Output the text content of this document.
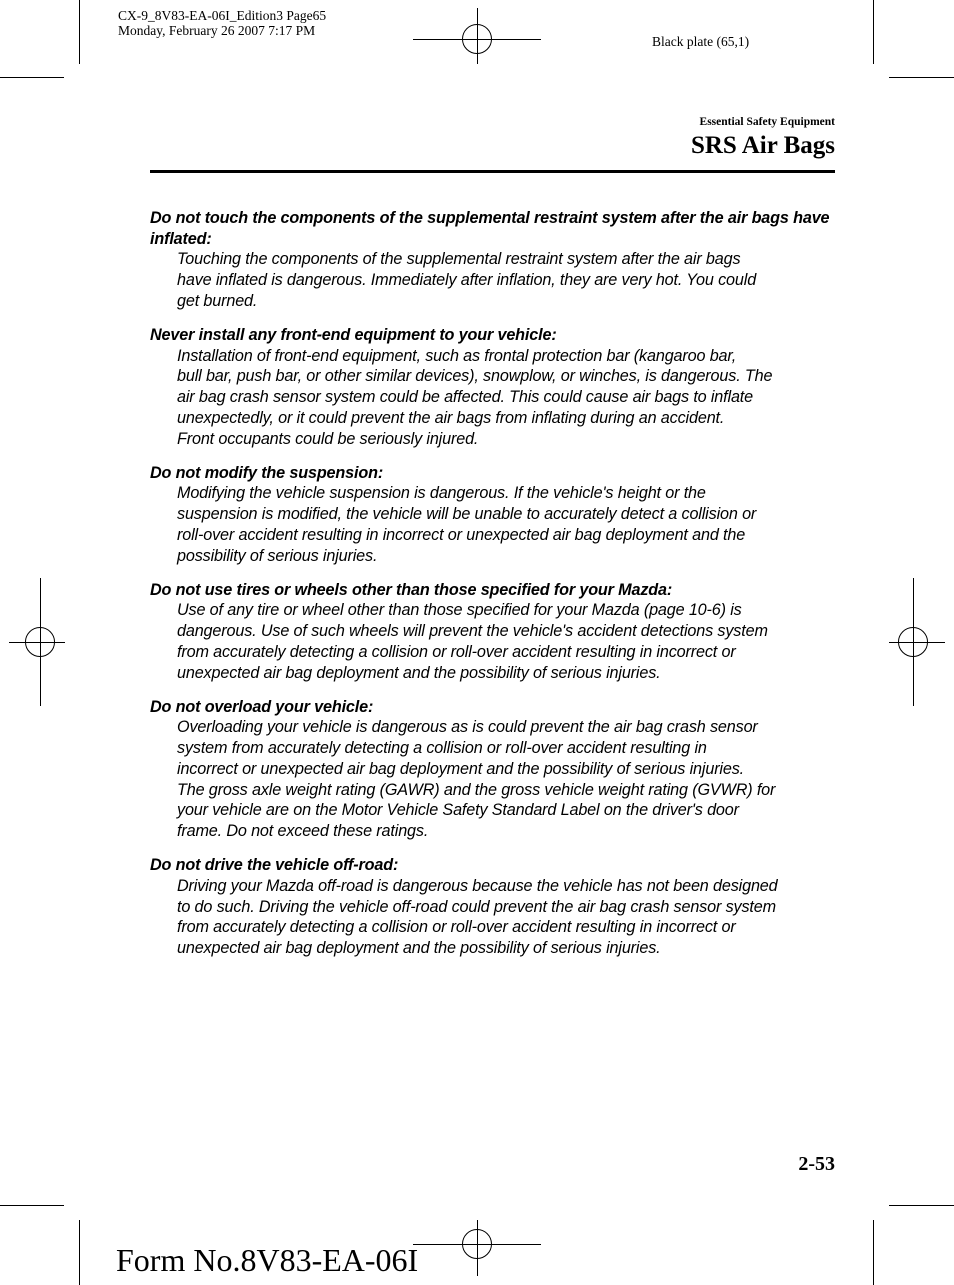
CX-9_8V83-EA-06I_Edition3 Page65
Monday, February 26 2007 7:17 PM
Black plate (65,1)
Essential Safety Equipment
SRS Air Bags

Do not touch the components of the supplemental restraint system after the air bags have inflated:

Touching the components of the supplemental restraint system after the air bags
have inflated is dangerous. Immediately after inflation, they are very hot. You could
get burned.

Never install any front-end equipment to your vehicle:

Installation of front-end equipment, such as frontal protection bar (kangaroo bar,
bull bar, push bar, or other similar devices), snowplow, or winches, is dangerous. The
air bag crash sensor system could be affected. This could cause air bags to inflate
unexpectedly, or it could prevent the air bags from inflating during an accident.
Front occupants could be seriously injured.

Do not modify the suspension:

Modifying the vehicle suspension is dangerous. If the vehicle's height or the
suspension is modified, the vehicle will be unable to accurately detect a collision or
roll-over accident resulting in incorrect or unexpected air bag deployment and the
possibility of serious injuries.

Do not use tires or wheels other than those specified for your Mazda:

Use of any tire or wheel other than those specified for your Mazda (page 10-6) is
dangerous. Use of such wheels will prevent the vehicle's accident detections system
from accurately detecting a collision or roll-over accident resulting in incorrect or
unexpected air bag deployment and the possibility of serious injuries.

Do not overload your vehicle:

Overloading your vehicle is dangerous as is could prevent the air bag crash sensor
system from accurately detecting a collision or roll-over accident resulting in
incorrect or unexpected air bag deployment and the possibility of serious injuries.
The gross axle weight rating (GAWR) and the gross vehicle weight rating (GVWR) for
your vehicle are on the Motor Vehicle Safety Standard Label on the driver's door
frame. Do not exceed these ratings.

Do not drive the vehicle off-road:

Driving your Mazda off-road is dangerous because the vehicle has not been designed
to do such. Driving the vehicle off-road could prevent the air bag crash sensor system
from accurately detecting a collision or roll-over accident resulting in incorrect or
unexpected air bag deployment and the possibility of serious injuries.

2-53
Form No.8V83-EA-06I
